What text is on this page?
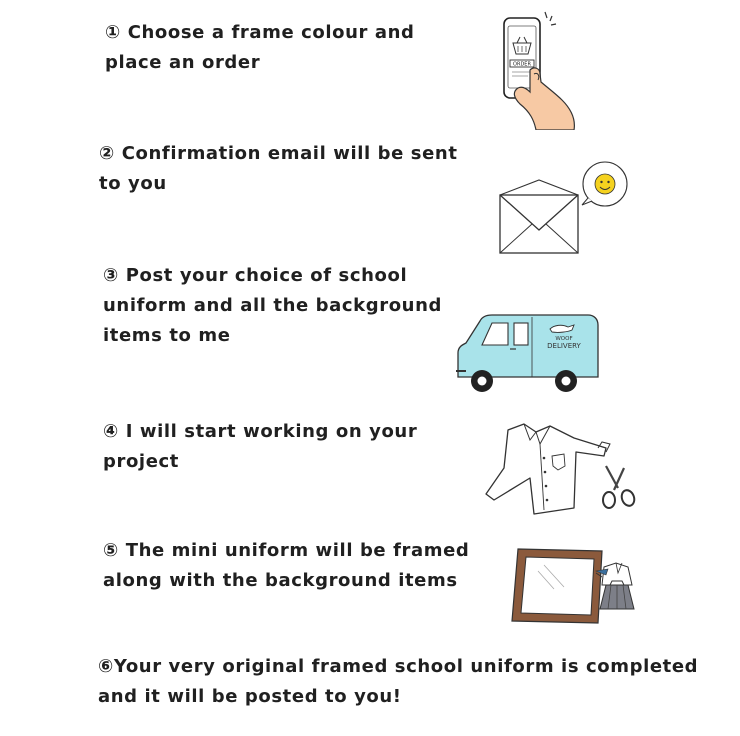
① Choose a frame colour and
place an order	ORDER
② Confirmation email will be sent
to you
③ Post your choice of school
uniform and all the background
items to me	WOOF
DELIVERY
④ I will start working on your
project
⑤ The mini uniform will be framed
along with the background items
⑥Your very original framed school uniform is completed
and it will be posted to you!
